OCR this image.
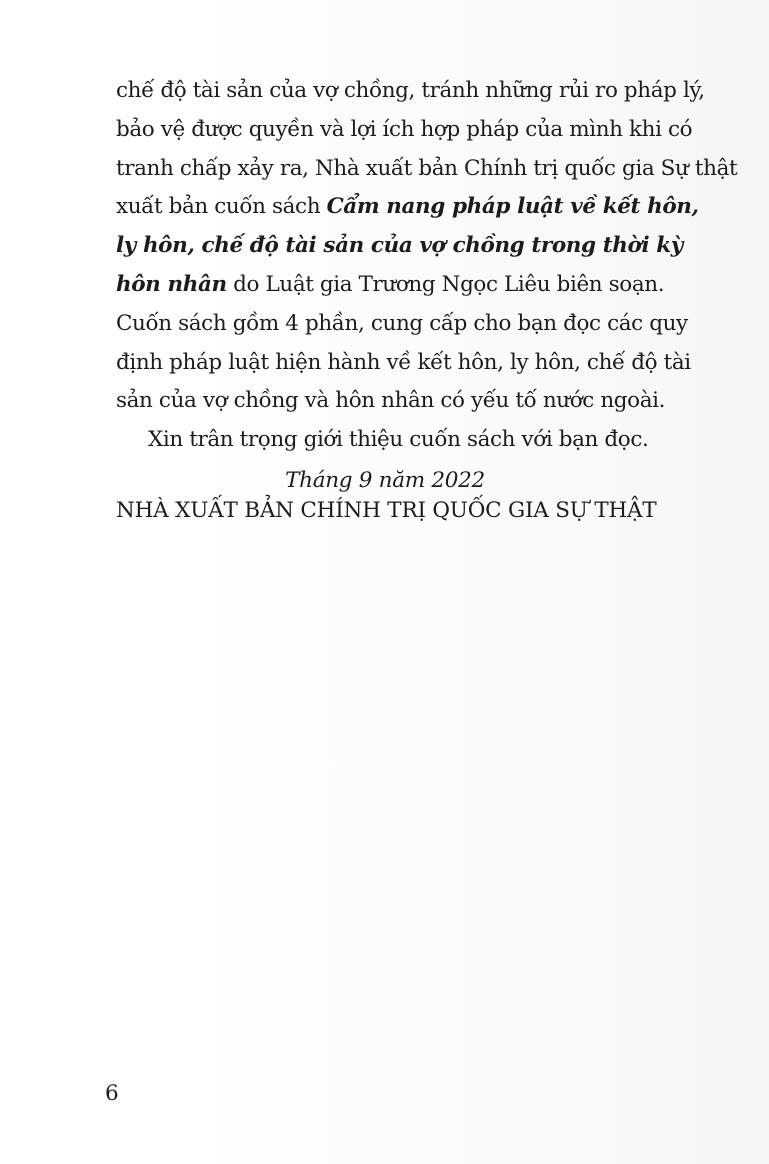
chế độ tài sản của vợ chồng, tránh những rủi ro pháp lý,
bảo vệ được quyền và lợi ích hợp pháp của mình khi có
tranh chấp xảy ra, Nhà xuất bản Chính trị quốc gia Sự thật
xuất bản cuốn sách Cẩm nang pháp luật về kết hôn,
ly hôn, chế độ tài sản của vợ chồng trong thời kỳ
hôn nhân do Luật gia Trương Ngọc Liêu biên soạn.
Cuốn sách gồm 4 phần, cung cấp cho bạn đọc các quy
định pháp luật hiện hành về kết hôn, ly hôn, chế độ tài
sản của vợ chồng và hôn nhân có yếu tố nước ngoài.
Xin trân trọng giới thiệu cuốn sách với bạn đọc.
Tháng 9 năm 2022
NHÀ XUẤT BẢN CHÍNH TRỊ QUỐC GIA SỰ THẬT
6
